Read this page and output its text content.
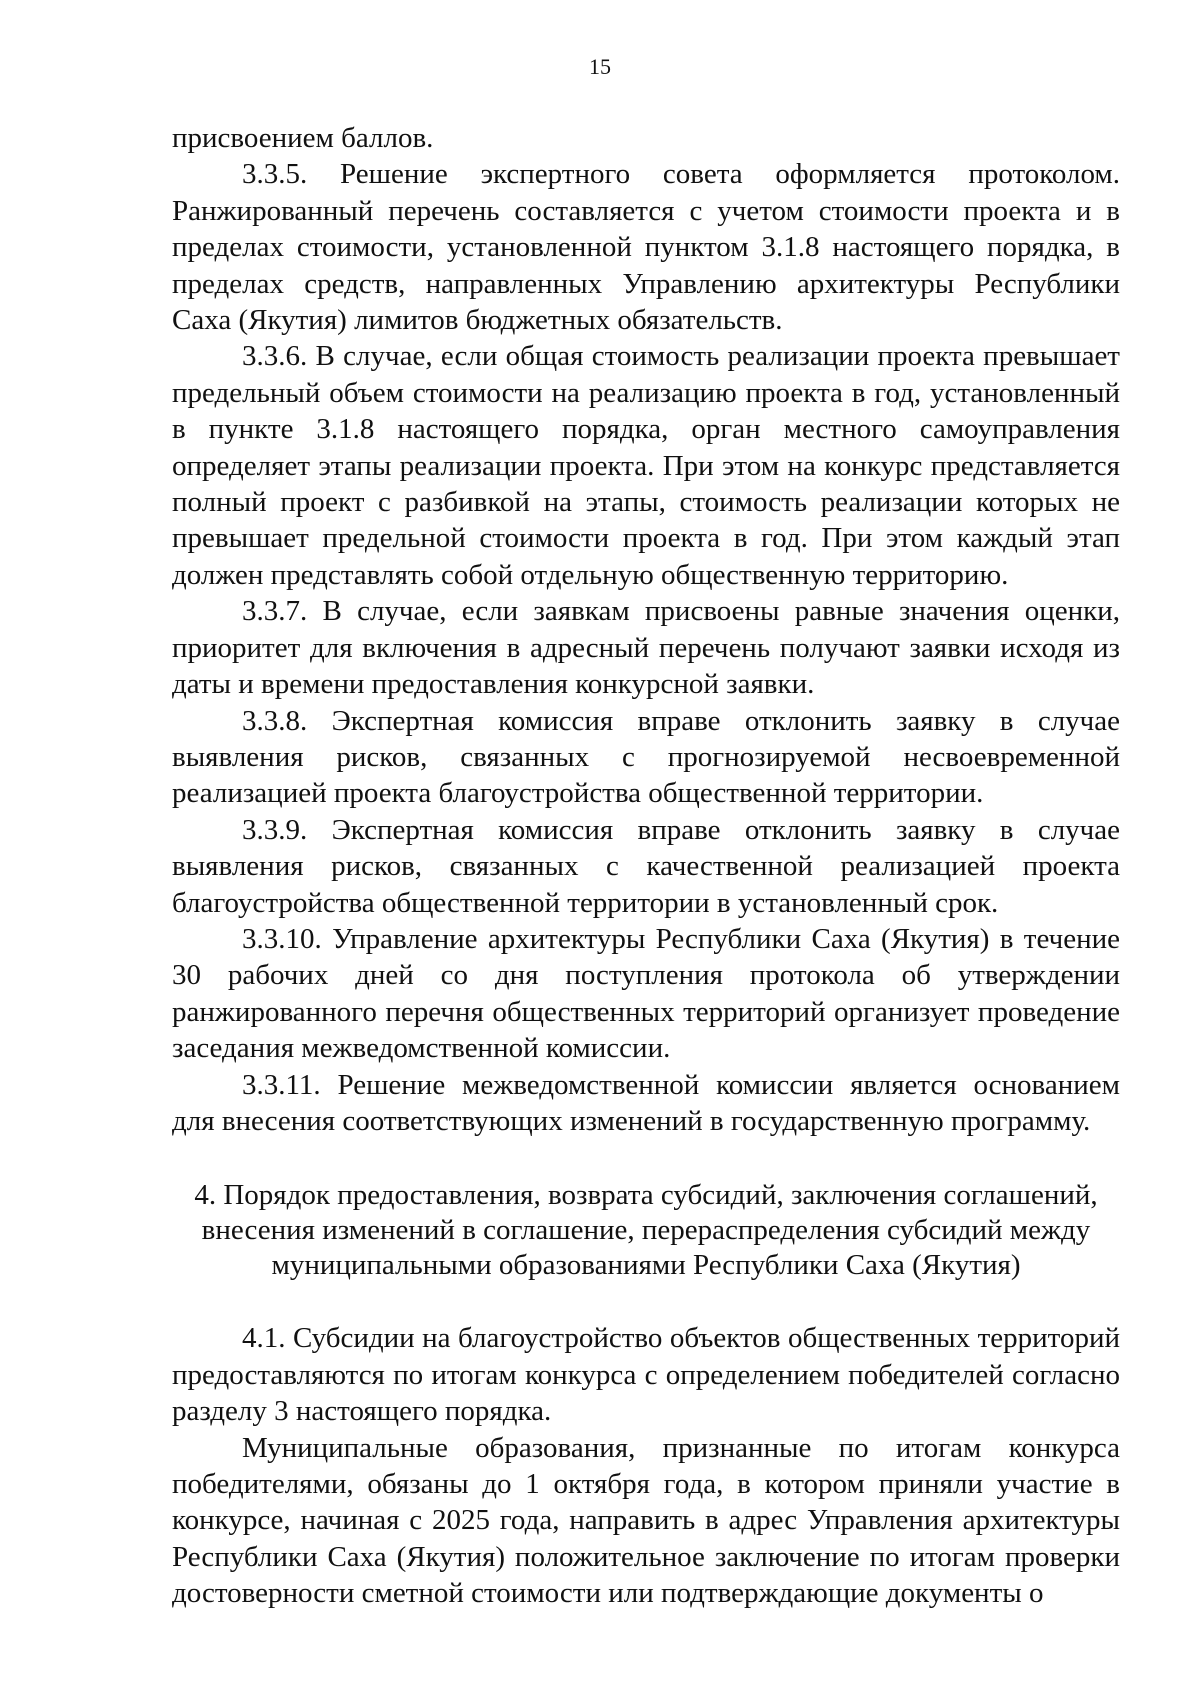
15

присвоением баллов.

3.3.5. Решение экспертного совета оформляется протоколом. Ранжированный перечень составляется с учетом стоимости проекта и в пределах стоимости, установленной пунктом 3.1.8 настоящего порядка, в пределах средств, направленных Управлению архитектуры Республики Саха (Якутия) лимитов бюджетных обязательств.

3.3.6. В случае, если общая стоимость реализации проекта превышает предельный объем стоимости на реализацию проекта в год, установленный в пункте 3.1.8 настоящего порядка, орган местного самоуправления определяет этапы реализации проекта. При этом на конкурс представляется полный проект с разбивкой на этапы, стоимость реализации которых не превышает предельной стоимости проекта в год. При этом каждый этап должен представлять собой отдельную общественную территорию.

3.3.7. В случае, если заявкам присвоены равные значения оценки, приоритет для включения в адресный перечень получают заявки исходя из даты и времени предоставления конкурсной заявки.

3.3.8. Экспертная комиссия вправе отклонить заявку в случае выявления рисков, связанных с прогнозируемой несвоевременной реализацией проекта благоустройства общественной территории.

3.3.9. Экспертная комиссия вправе отклонить заявку в случае выявления рисков, связанных с качественной реализацией проекта благоустройства общественной территории в установленный срок.

3.3.10. Управление архитектуры Республики Саха (Якутия) в течение 30 рабочих дней со дня поступления протокола об утверждении ранжированного перечня общественных территорий организует проведение заседания межведомственной комиссии.

3.3.11. Решение межведомственной комиссии является основанием для внесения соответствующих изменений в государственную программу.

4. Порядок предоставления, возврата субсидий, заключения соглашений,
внесения изменений в соглашение, перераспределения субсидий между
муниципальными образованиями Республики Саха (Якутия)

4.1. Субсидии на благоустройство объектов общественных территорий предоставляются по итогам конкурса с определением победителей согласно разделу 3 настоящего порядка.

Муниципальные образования, признанные по итогам конкурса победителями, обязаны до 1 октября года, в котором приняли участие в конкурсе, начиная с 2025 года, направить в адрес Управления архитектуры Республики Саха (Якутия) положительное заключение по итогам проверки достоверности сметной стоимости или подтверждающие документы о
